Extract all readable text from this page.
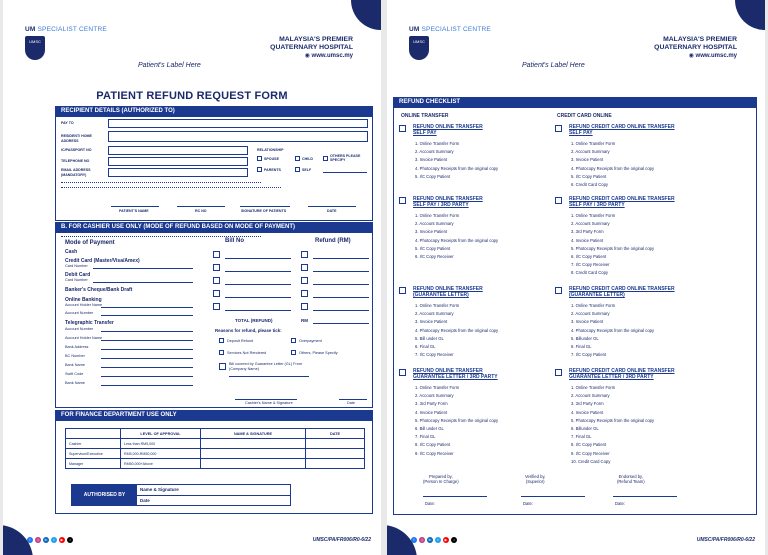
UM SPECIALIST CENTRE
UMSC	MALAYSIA'S PREMIER
QUATERNARY HOSPITAL
◉ www.umsc.my
Patient's Label Here
PATIENT REFUND REQUEST FORM
RECIPIENT DETAILS (AUTHORIZED TO)
PAY TO
RESIDENT/ HOME ADDRESS
IC/PASSPORT NO
TELEPHONE NO
EMAIL ADDRESS (MANDATORY)
RELATIONSHIP
SPOUSE	CHILD
OTHERS PLEASE SPECIFY
PARENTS	SELF
PATIENT'S NAME	RC NO	SIGNATURE OF PATIENTS	DATE
B. FOR CASHIER USE ONLY (MODE OF REFUND BASED ON MODE OF PAYMENT)
Mode of Payment	Bill No	Refund (RM)
Cash
Credit Card (Master/Visa/Amex)
Card Number
Debit Card
Card Number
Banker's Cheque/Bank Draft
Online Banking
Account Holder Name
Account Number
Telegraphic Transfer
Account Number
Account Holder Name
Bank Address
BC Number
Bank Name
Swift Code
Bank Name
TOTAL (REFUND)	RM
Reasons for refund, please tick:
Deposit Refund	Overpayment
Services Not Rendered	Others, Please Specify
Bill covered by Guarantee Letter (GL) From (Company Name)
Cashier's Name & Signature	Date
FOR FINANCE DEPARTMENT USE ONLY
	LEVEL OF APPROVAL	NAME & SIGNATURE	DATE
Cashier	Less than RM5,000		
Supervisor/Executive	RM5,000-RM50,000		
Manager	RM50,000+Above		
AUTHORISED BY
Name & Signature
Date
f	◎	in	t	▶	♪	UMSC/PA/FR006/R0-6/22
UM SPECIALIST CENTRE
UMSC	MALAYSIA'S PREMIER
QUATERNARY HOSPITAL
◉ www.umsc.my
Patient's Label Here
REFUND CHECKLIST
ONLINE TRANSFER	CREDIT CARD ONLINE
REFUND ONLINE TRANSFER
SELF PAY
1. Online Transfer Form
2. Account Summary
3. Invoice Patient
4. Photocopy Receipts from the original copy
5. I/C Copy Patient
REFUND CREDIT CARD ONLINE TRANSFER
SELF PAY
1. Online Transfer Form
2. Account Summary
3. Invoice Patient
4. Photocopy Receipts from the original copy
5. I/C Copy Patient
6. Credit Card Copy
REFUND ONLINE TRANSFER
SELF PAY / 3RD PARTY
1. Online Transfer Form
2. Account Summary
3. Invoice Patient
4. Photocopy Receipts from the original copy
5. I/C Copy Patient
6. I/C Copy Receiver
REFUND CREDIT CARD ONLINE TRANSFER
SELF PAY / 3RD PARTY
1. Online Transfer Form
2. Account Summary
3. 3rd Party Form
4. Invoice Patient
5. Photocopy Receipts from the original copy
6. I/C Copy Patient
7. I/C Copy Receiver
8. Credit Card Copy
REFUND ONLINE TRANSFER
(GUARANTEE LETTER)
1. Online Transfer Form
2. Account Summary
3. Invoice Patient
4. Photocopy Receipts from the original copy
5. Bill under GL
6. Final GL
7. I/C Copy Receiver
REFUND CREDIT CARD ONLINE TRANSFER
(GUARANTEE LETTER)
1. Online Transfer Form
2. Account Summary
3. Invoice Patient
4. Photocopy Receipts from the original copy
5. Billunder GL
6. Final GL
7. I/C Copy Patient
REFUND ONLINE TRANSFER
GUARANTEE LETTER / 3RD PARTY
1. Online Transfer Form
2. Account Summary
3. 3rd Party Form
4. Invoice Patient
5. Photocopy Receipts from the original copy
6. Bill under GL
7. Final GL
8. I/C Copy Patient
9. I/C Copy Receiver
REFUND CREDIT CARD ONLINE TRANSFER
GUARANTEE LETTER / 3RD PARTY
1. Online Transfer Form
2. Account Summary
3. 3rd Party Form
4. Invoice Patient
5. Photocopy Receipts from the original copy
6. Billunder GL
7. Final GL
8. I/C Copy Patient
9. I/C Copy Receiver
10. Credit Card Copy
Prepared by,
(Person In Charge)
Date:
Verified by,
(Superior)
Date:
Endorsed by,
(Refund Team)
Date:
f	◎	in	t	▶	♪	UMSC/PA/FR006/R0-6/22
